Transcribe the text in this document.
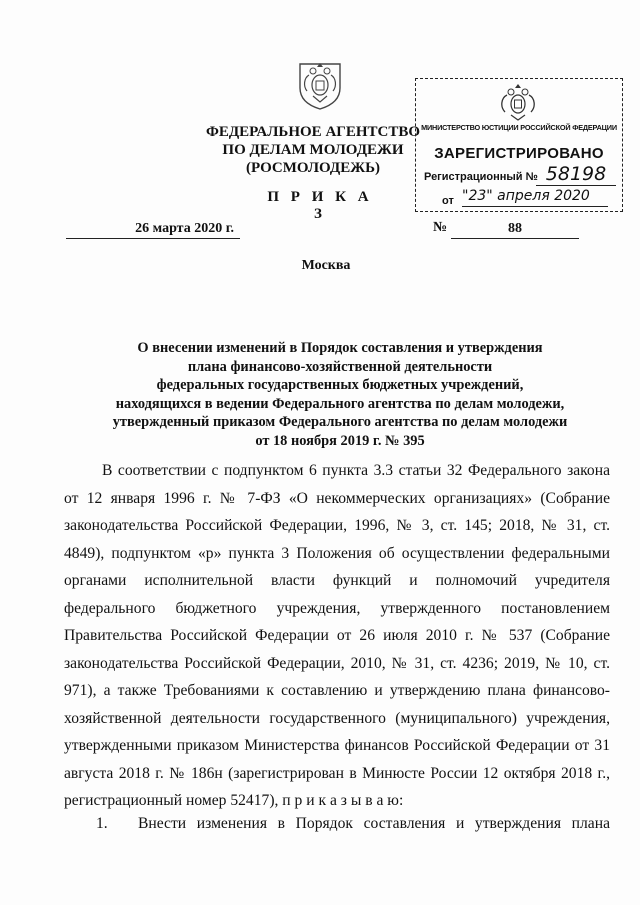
ФЕДЕРАЛЬНОЕ АГЕНТСТВО
ПО ДЕЛАМ МОЛОДЕЖИ
(РОСМОЛОДЕЖЬ)
П Р И К А З
МИНИСТЕРСТВО ЮСТИЦИИ РОССИЙСКОЙ ФЕДЕРАЦИИ
ЗАРЕГИСТРИРОВАНО
Регистрационный № 58198
от "23" апреля 2020
26 марта 2020 г.	№	88
Москва
О внесении изменений в Порядок составления и утверждения
плана финансово-хозяйственной деятельности
федеральных государственных бюджетных учреждений,
находящихся в ведении Федерального агентства по делам молодежи,
утвержденный приказом Федерального агентства по делам молодежи
от 18 ноября 2019 г. № 395

В соответствии с подпунктом 6 пункта 3.3 статьи 32 Федерального закона от 12 января 1996 г. № 7-ФЗ «О некоммерческих организациях» (Собрание законодательства Российской Федерации, 1996, № 3, ст. 145; 2018, № 31, ст. 4849), подпунктом «р» пункта 3 Положения об осуществлении федеральными органами исполнительной власти функций и полномочий учредителя федерального бюджетного учреждения, утвержденного постановлением Правительства Российской Федерации от 26 июля 2010 г. № 537 (Собрание законодательства Российской Федерации, 2010, № 31, ст. 4236; 2019, № 10, ст. 971), а также Требованиями к составлению и утверждению плана финансово-хозяйственной деятельности государственного (муниципального) учреждения, утвержденными приказом Министерства финансов Российской Федерации от 31 августа 2018 г. № 186н (зарегистрирован в Минюсте России 12 октября 2018 г., регистрационный номер 52417), п р и к а з ы в а ю:

1. Внести изменения в Порядок составления и утверждения плана
